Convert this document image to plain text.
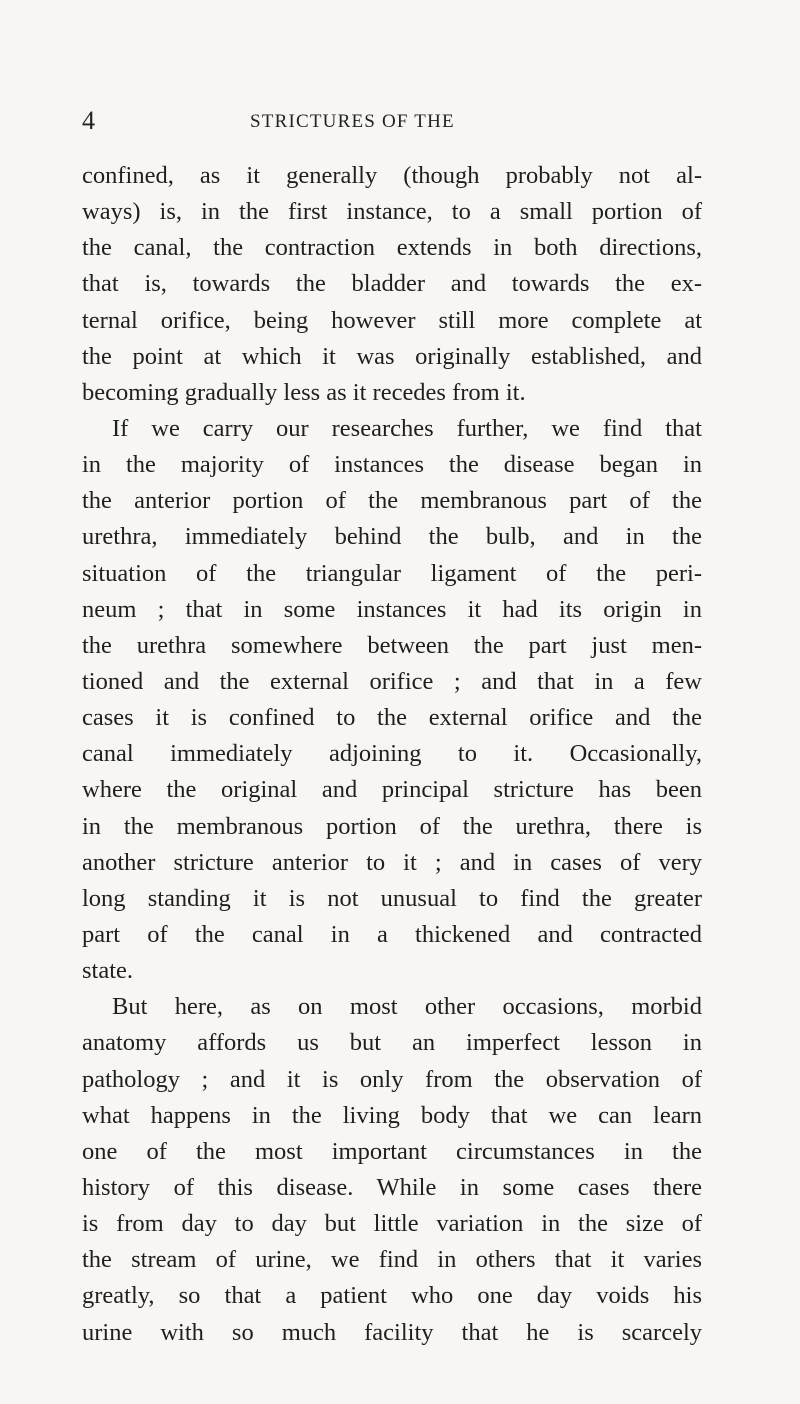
4	STRICTURES OF THE
confined, as it generally (though probably not al-
ways) is, in the first instance, to a small portion of
the canal, the contraction extends in both directions,
that is, towards the bladder and towards the ex-
ternal orifice, being however still more complete at
the point at which it was originally established, and
becoming gradually less as it recedes from it.
If we carry our researches further, we find that
in the majority of instances the disease began in
the anterior portion of the membranous part of the
urethra, immediately behind the bulb, and in the
situation of the triangular ligament of the peri-
neum ; that in some instances it had its origin in
the urethra somewhere between the part just men-
tioned and the external orifice ; and that in a few
cases it is confined to the external orifice and the
canal immediately adjoining to it. Occasionally,
where the original and principal stricture has been
in the membranous portion of the urethra, there is
another stricture anterior to it ; and in cases of very
long standing it is not unusual to find the greater
part of the canal in a thickened and contracted
state.
But here, as on most other occasions, morbid
anatomy affords us but an imperfect lesson in
pathology ; and it is only from the observation of
what happens in the living body that we can learn
one of the most important circumstances in the
history of this disease. While in some cases there
is from day to day but little variation in the size of
the stream of urine, we find in others that it varies
greatly, so that a patient who one day voids his
urine with so much facility that he is scarcely
